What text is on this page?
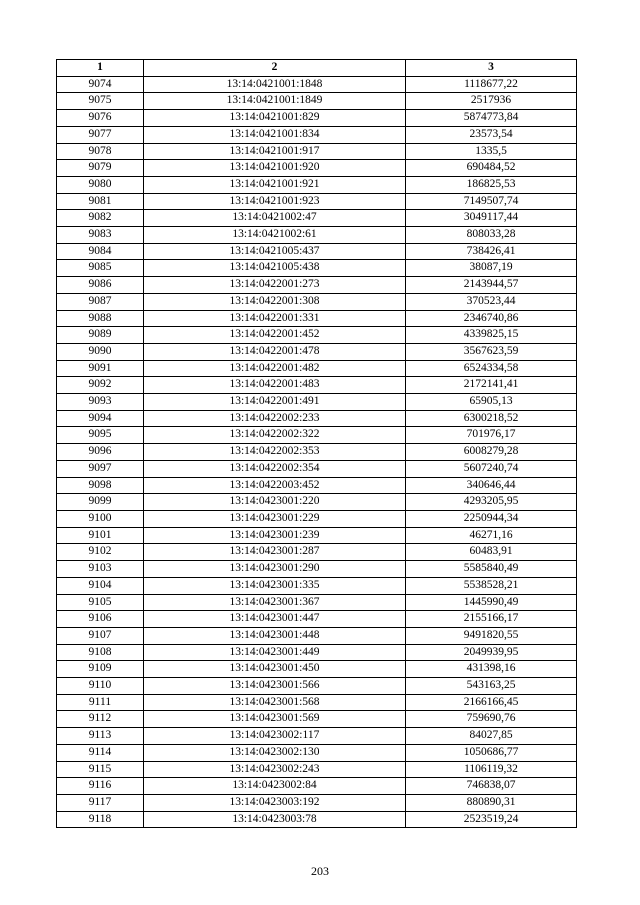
1	2	3
9074	13:14:0421001:1848	1118677,22
9075	13:14:0421001:1849	2517936
9076	13:14:0421001:829	5874773,84
9077	13:14:0421001:834	23573,54
9078	13:14:0421001:917	1335,5
9079	13:14:0421001:920	690484,52
9080	13:14:0421001:921	186825,53
9081	13:14:0421001:923	7149507,74
9082	13:14:0421002:47	3049117,44
9083	13:14:0421002:61	808033,28
9084	13:14:0421005:437	738426,41
9085	13:14:0421005:438	38087,19
9086	13:14:0422001:273	2143944,57
9087	13:14:0422001:308	370523,44
9088	13:14:0422001:331	2346740,86
9089	13:14:0422001:452	4339825,15
9090	13:14:0422001:478	3567623,59
9091	13:14:0422001:482	6524334,58
9092	13:14:0422001:483	2172141,41
9093	13:14:0422001:491	65905,13
9094	13:14:0422002:233	6300218,52
9095	13:14:0422002:322	701976,17
9096	13:14:0422002:353	6008279,28
9097	13:14:0422002:354	5607240,74
9098	13:14:0422003:452	340646,44
9099	13:14:0423001:220	4293205,95
9100	13:14:0423001:229	2250944,34
9101	13:14:0423001:239	46271,16
9102	13:14:0423001:287	60483,91
9103	13:14:0423001:290	5585840,49
9104	13:14:0423001:335	5538528,21
9105	13:14:0423001:367	1445990,49
9106	13:14:0423001:447	2155166,17
9107	13:14:0423001:448	9491820,55
9108	13:14:0423001:449	2049939,95
9109	13:14:0423001:450	431398,16
9110	13:14:0423001:566	543163,25
9111	13:14:0423001:568	2166166,45
9112	13:14:0423001:569	759690,76
9113	13:14:0423002:117	84027,85
9114	13:14:0423002:130	1050686,77
9115	13:14:0423002:243	1106119,32
9116	13:14:0423002:84	746838,07
9117	13:14:0423003:192	880890,31
9118	13:14:0423003:78	2523519,24
203
